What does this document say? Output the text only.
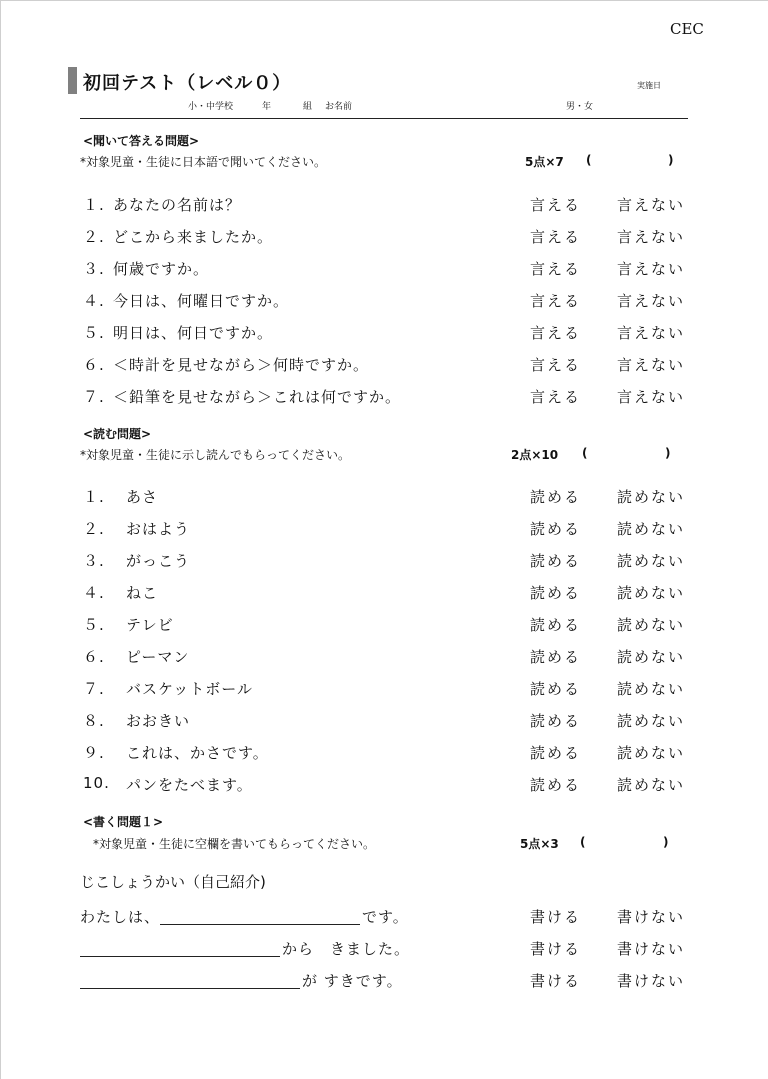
CEC
初回テスト（レベル０）	実施日
小・中学校	年	組 お名前	男・女
<聞いて答える問題>
*対象児童・生徒に日本語で聞いてください。	5点×7 (	)
１. あなたの名前は？	言える 言えない
２. どこから来ましたか。	言える 言えない
３. 何歳ですか。	言える 言えない
４. 今日は、何曜日ですか。	言える 言えない
５. 明日は、何日ですか。	言える 言えない
６. ＜時計を見せながら＞何時ですか。	言える 言えない
７. ＜鉛筆を見せながら＞これは何ですか。	言える 言えない
<読む問題>
*対象児童・生徒に示し読んでもらってください。	2点×10 (	)
１. あさ	読める 読めない
２. おはよう	読める 読めない
３. がっこう	読める 読めない
４. ねこ	読める 読めない
５. テレビ	読める 読めない
６. ピーマン	読める 読めない
７. バスケットボール	読める 読めない
８. おおきい	読める 読めない
９. これは、かさです。	読める 読めない
10. パンをたべます。	読める 読めない
<書く問題１>
*対象児童・生徒に空欄を書いてもらってください。	5点×3 (	)
じこしょうかい（自己紹介)
わたしは、	です。	書ける 書けない
から　きました。	書ける 書けない
が すきです。	書ける 書けない
